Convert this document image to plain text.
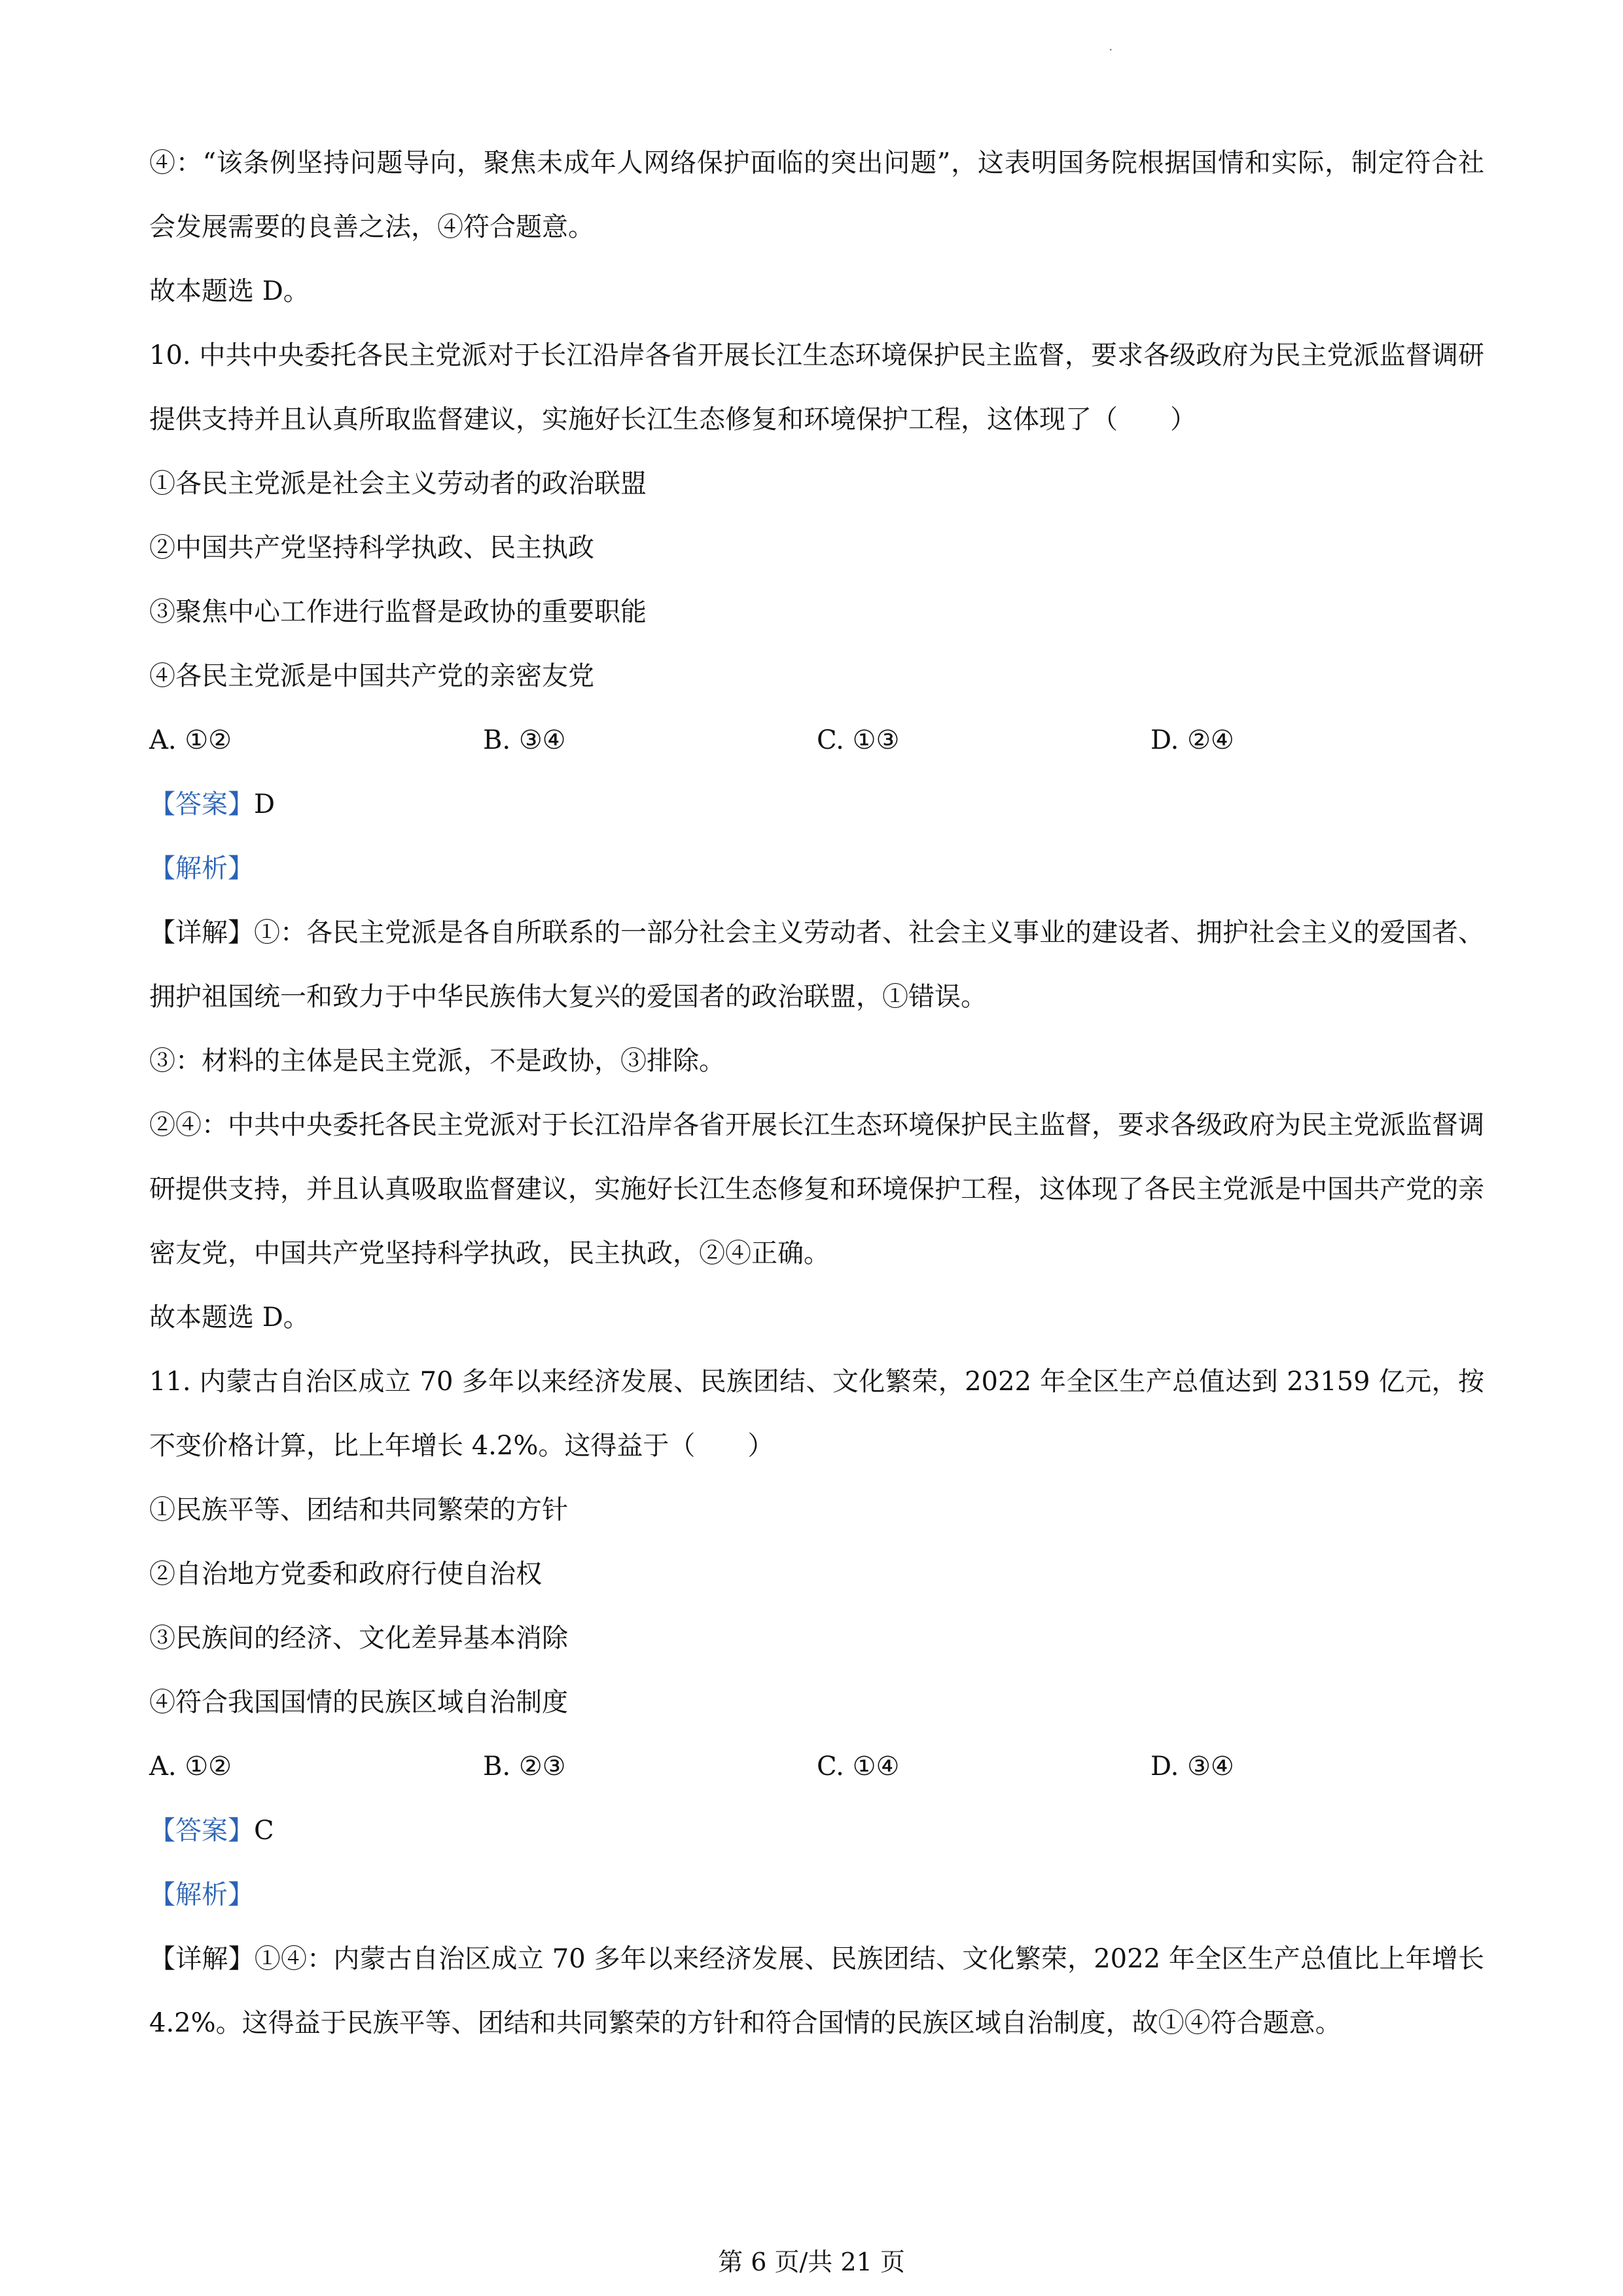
.
④：“该条例坚持问题导向，聚焦未成年人网络保护面临的突出问题”，这表明国务院根据国情和实际，制定符合社会发展需要的良善之法，④符合题意。
故本题选 D。
10. 中共中央委托各民主党派对于长江沿岸各省开展长江生态环境保护民主监督，要求各级政府为民主党派监督调研提供支持并且认真所取监督建议，实施好长江生态修复和环境保护工程，这体现了（　　）
①各民主党派是社会主义劳动者的政治联盟
②中国共产党坚持科学执政、民主执政
③聚焦中心工作进行监督是政协的重要职能
④各民主党派是中国共产党的亲密友党
A. ①②	B. ③④	C. ①③	D. ②④
【答案】D
【解析】
【详解】①：各民主党派是各自所联系的一部分社会主义劳动者、社会主义事业的建设者、拥护社会主义的爱国者、拥护祖国统一和致力于中华民族伟大复兴的爱国者的政治联盟，①错误。
③：材料的主体是民主党派，不是政协，③排除。
②④：中共中央委托各民主党派对于长江沿岸各省开展长江生态环境保护民主监督，要求各级政府为民主党派监督调研提供支持，并且认真吸取监督建议，实施好长江生态修复和环境保护工程，这体现了各民主党派是中国共产党的亲密友党，中国共产党坚持科学执政，民主执政，②④正确。
故本题选 D。
11. 内蒙古自治区成立 70 多年以来经济发展、民族团结、文化繁荣，2022 年全区生产总值达到 23159 亿元，按不变价格计算，比上年增长 4.2%。这得益于（　　）
①民族平等、团结和共同繁荣的方针
②自治地方党委和政府行使自治权
③民族间的经济、文化差异基本消除
④符合我国国情的民族区域自治制度
A. ①②	B. ②③	C. ①④	D. ③④
【答案】C
【解析】
【详解】①④：内蒙古自治区成立 70 多年以来经济发展、民族团结、文化繁荣，2022 年全区生产总值比上年增长 4.2%。这得益于民族平等、团结和共同繁荣的方针和符合国情的民族区域自治制度，故①④符合题意。
第 6 页/共 21 页
